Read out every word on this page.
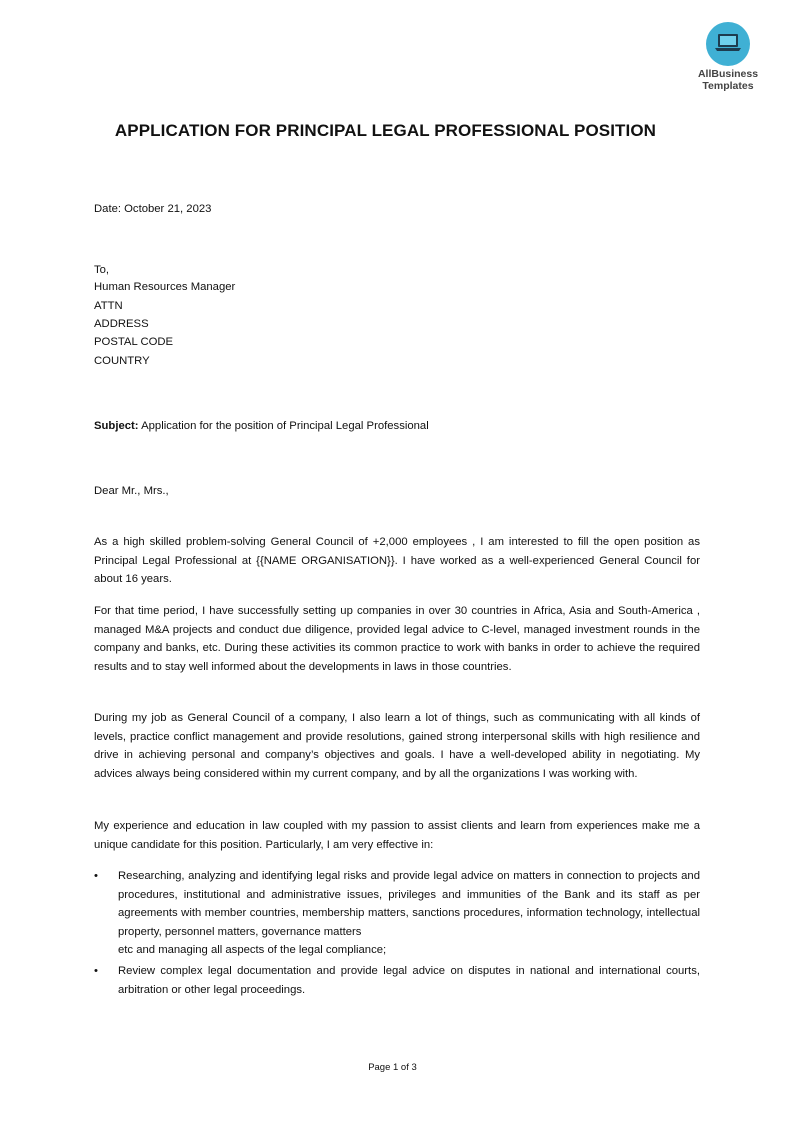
AllBusiness
Templates
APPLICATION FOR PRINCIPAL LEGAL PROFESSIONAL POSITION
Date: October 21, 2023
To,
Human Resources Manager
ATTN
ADDRESS
POSTAL CODE
COUNTRY
Subject: Application for the position of Principal Legal Professional
Dear Mr., Mrs.,
As a high skilled problem-solving General Council of +2,000 employees , I am interested to fill the open position as Principal Legal Professional at {{NAME ORGANISATION}}. I have worked as a well-experienced General Council for about 16 years.
For that time period, I have successfully setting up companies in over 30 countries in Africa, Asia and South-America , managed M&A projects and conduct due diligence, provided legal advice to C-level, managed investment rounds in the company and banks, etc. During these activities its common practice to work with banks in order to achieve the required results and to stay well informed about the developments in laws in those countries.
During my job as General Council of a company, I also learn a lot of things, such as communicating with all kinds of levels, practice conflict management and provide resolutions, gained strong interpersonal skills with high resilience and drive in achieving personal and company’s objectives and goals. I have a well-developed ability in negotiating. My advices always being considered within my current company, and by all the organizations I was working with.
My experience and education in law coupled with my passion to assist clients and learn from experiences make me a unique candidate for this position. Particularly, I am very effective in:
• Researching, analyzing and identifying legal risks and provide legal advice on matters in connection to projects and procedures, institutional and administrative issues, privileges and immunities of the Bank and its staff as per agreements with member countries, membership matters, sanctions procedures, information technology, intellectual property, personnel matters, governance matters
etc and managing all aspects of the legal compliance;
• Review complex legal documentation and provide legal advice on disputes in national and international courts, arbitration or other legal proceedings.
Page 1 of 3
